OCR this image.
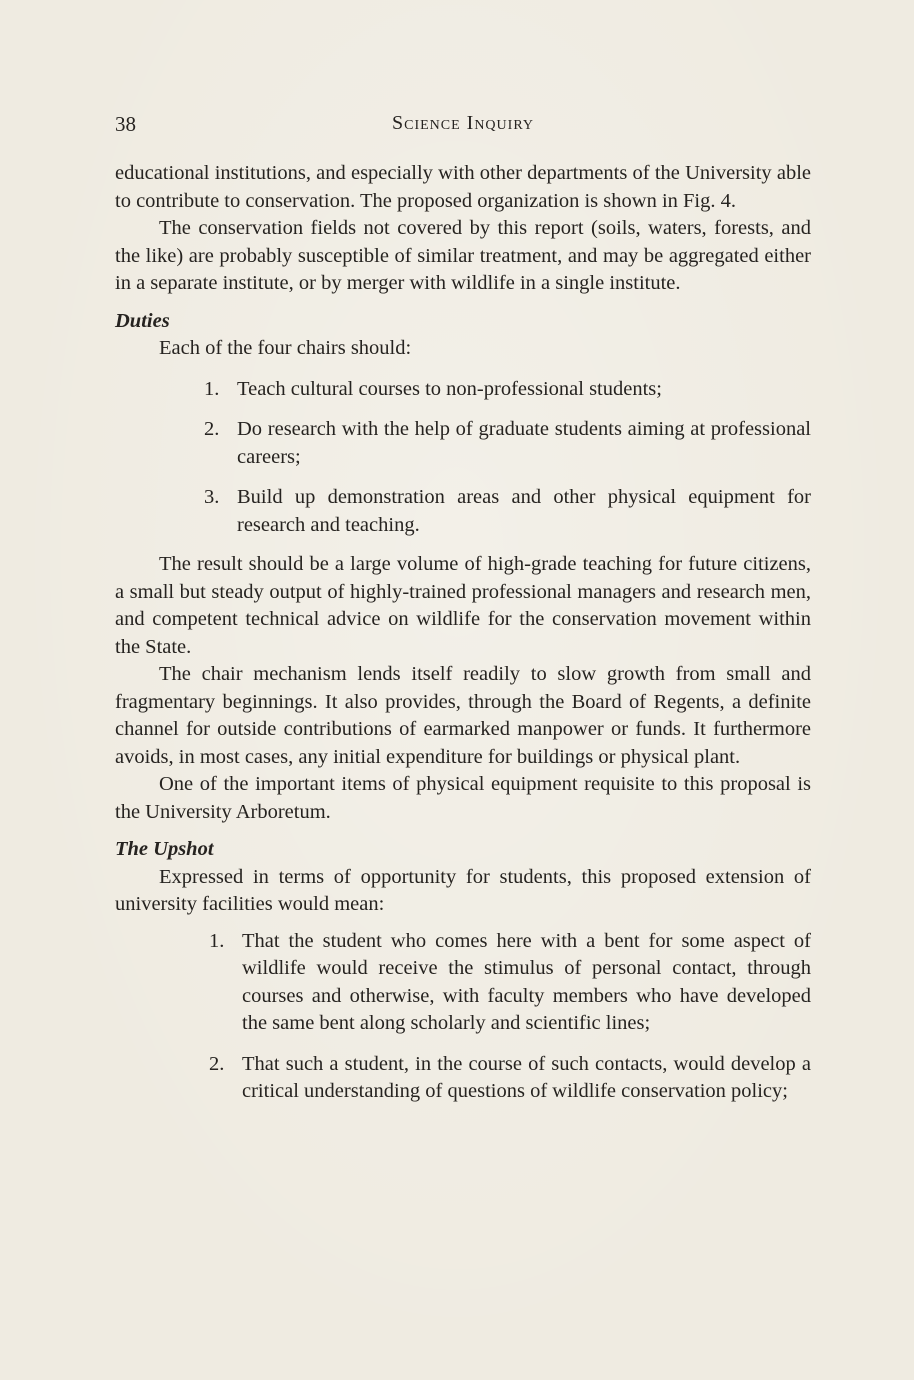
38	Science Inquiry

educational institutions, and especially with other departments of the University able to contribute to conservation. The proposed organization is shown in Fig. 4.

The conservation fields not covered by this report (soils, waters, forests, and the like) are probably susceptible of similar treatment, and may be aggregated either in a separate institute, or by merger with wildlife in a single institute.

Duties

Each of the four chairs should:

1. Teach cultural courses to non-professional students;
2. Do research with the help of graduate students aiming at professional careers;
3. Build up demonstration areas and other physical equipment for research and teaching.

The result should be a large volume of high-grade teaching for future citizens, a small but steady output of highly-trained professional managers and research men, and competent technical advice on wildlife for the conservation movement within the State.

The chair mechanism lends itself readily to slow growth from small and fragmentary beginnings. It also provides, through the Board of Regents, a definite channel for outside contributions of earmarked manpower or funds. It furthermore avoids, in most cases, any initial expenditure for buildings or physical plant.

One of the important items of physical equipment requisite to this proposal is the University Arboretum.

The Upshot

Expressed in terms of opportunity for students, this proposed extension of university facilities would mean:

1. That the student who comes here with a bent for some aspect of wildlife would receive the stimulus of personal contact, through courses and otherwise, with faculty members who have developed the same bent along scholarly and scientific lines;
2. That such a student, in the course of such contacts, would develop a critical understanding of questions of wildlife conservation policy;
